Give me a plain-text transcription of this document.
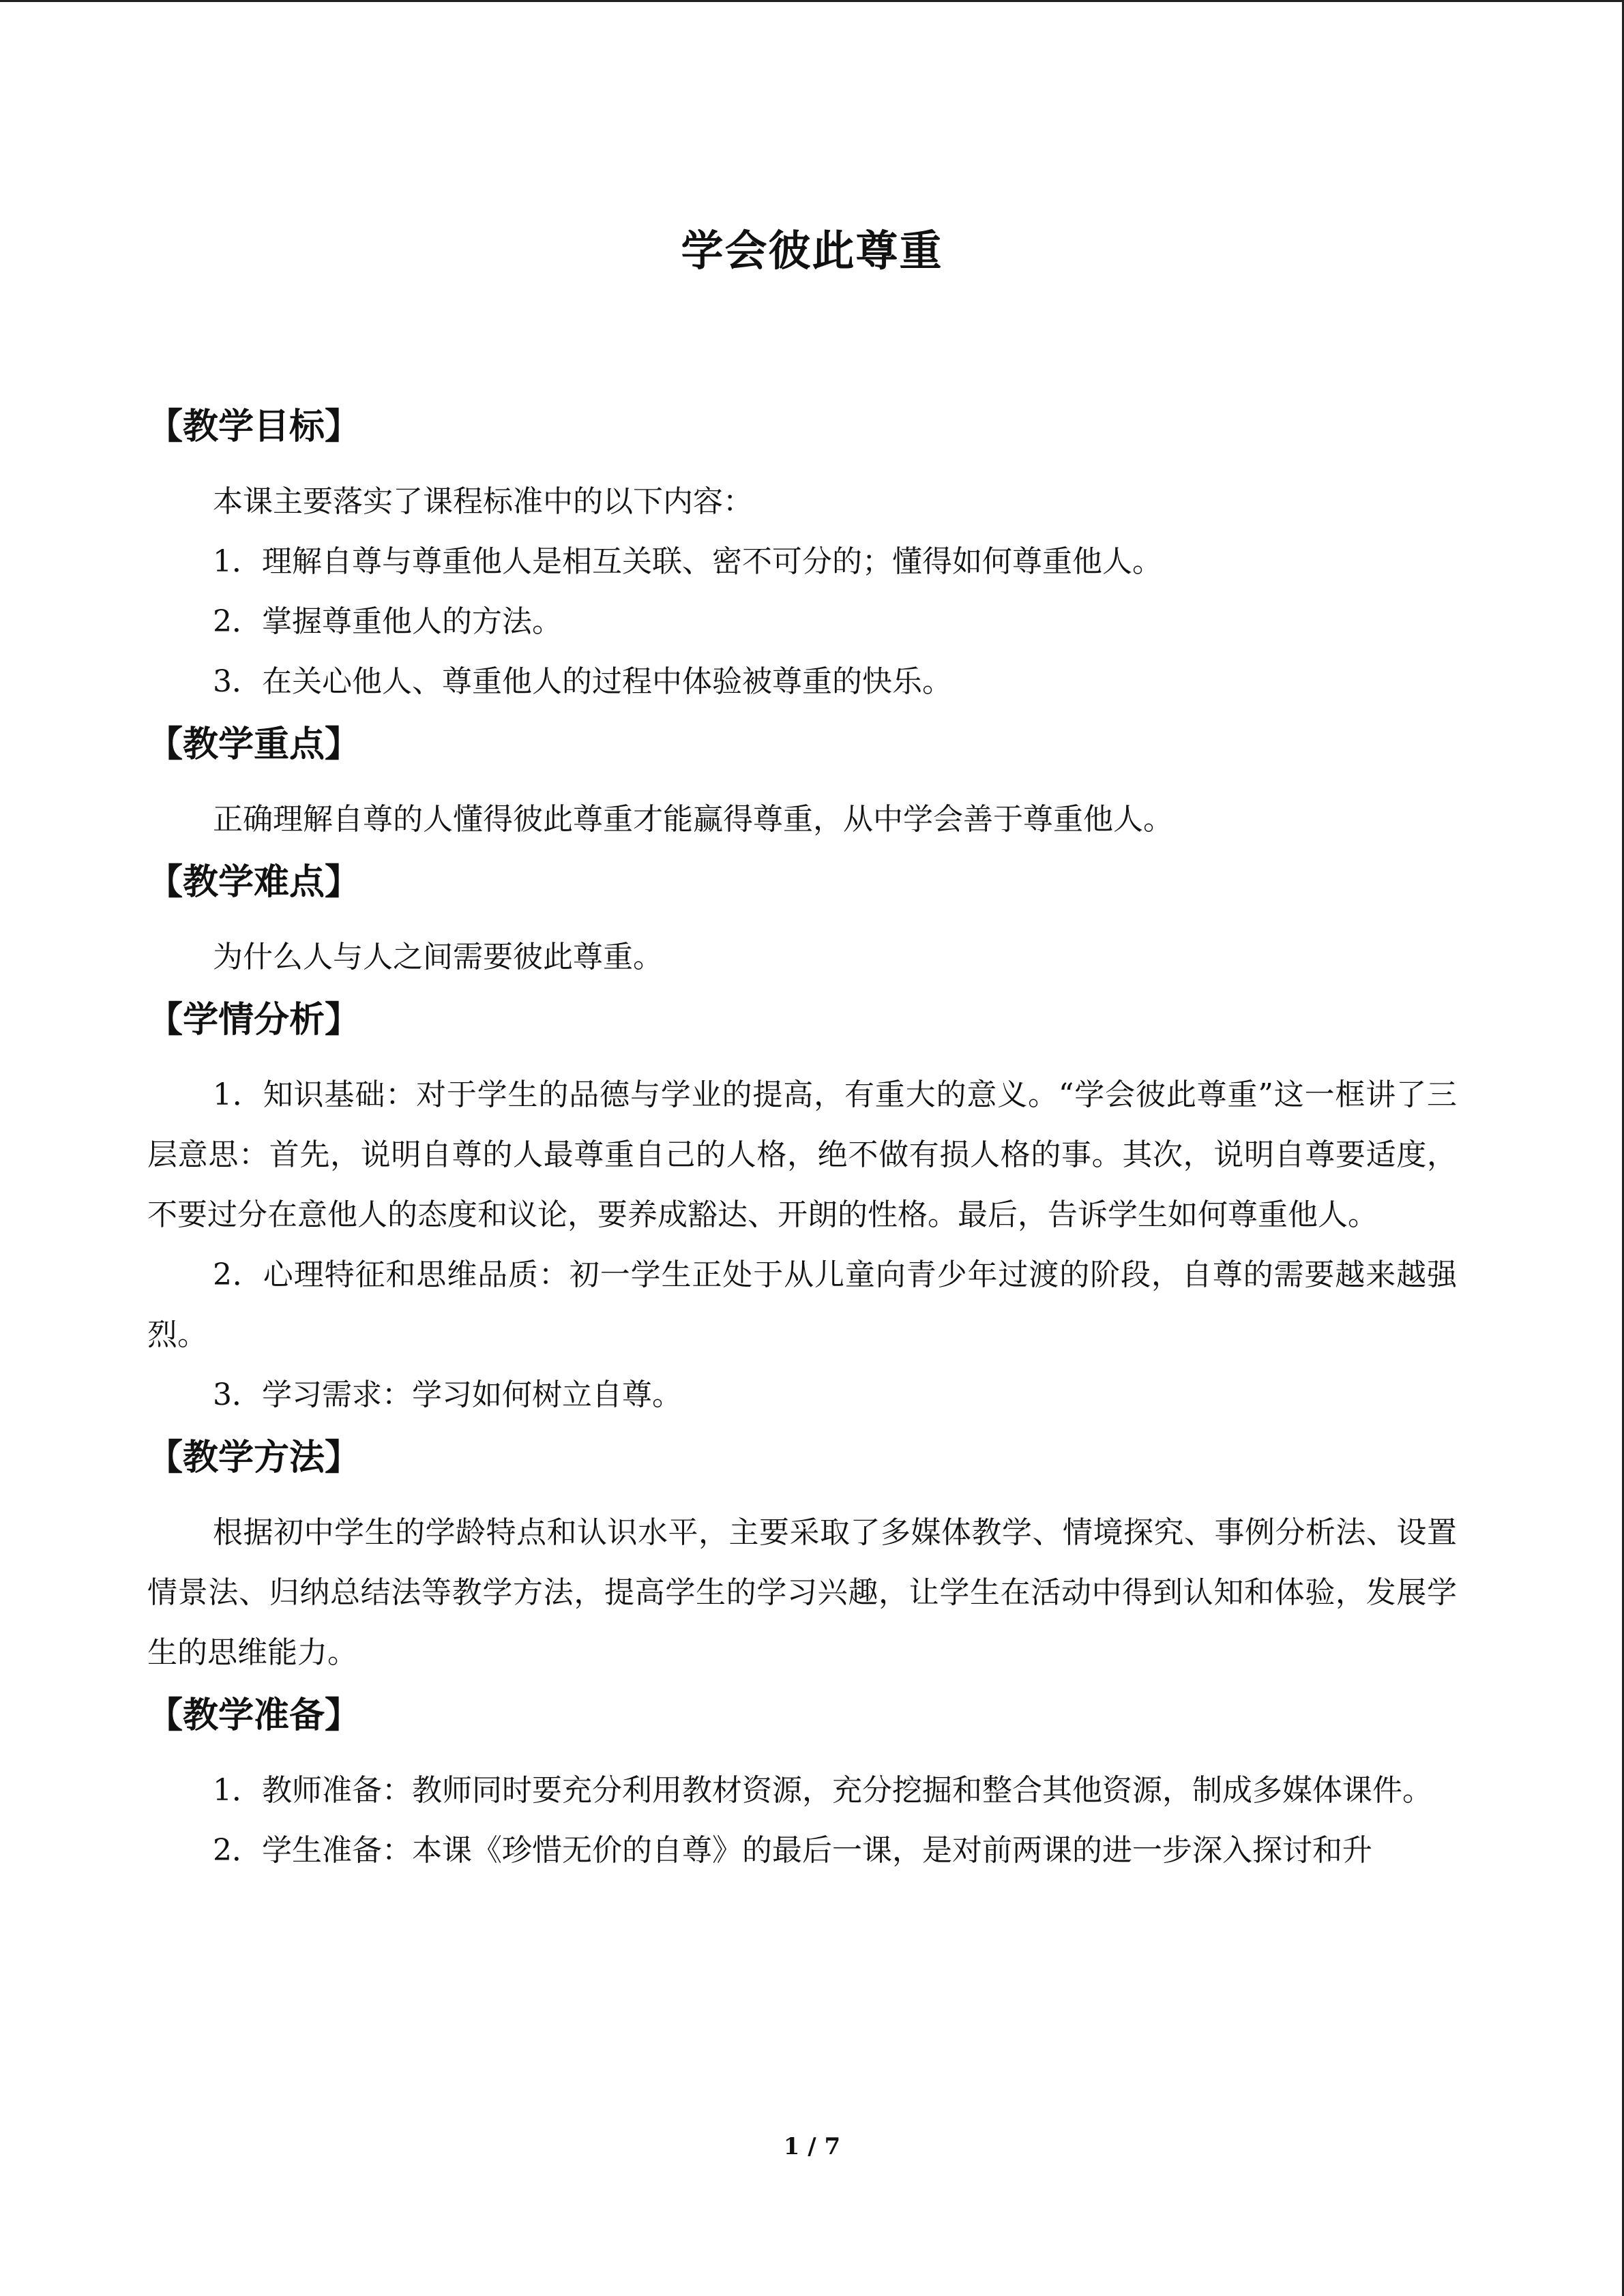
学会彼此尊重
【教学目标】

本课主要落实了课程标准中的以下内容：

1．理解自尊与尊重他人是相互关联、密不可分的；懂得如何尊重他人。

2．掌握尊重他人的方法。

3．在关心他人、尊重他人的过程中体验被尊重的快乐。

【教学重点】

正确理解自尊的人懂得彼此尊重才能赢得尊重，从中学会善于尊重他人。

【教学难点】

为什么人与人之间需要彼此尊重。

【学情分析】

1．知识基础：对于学生的品德与学业的提高，有重大的意义。“学会彼此尊重”这一框讲了三层意思：首先，说明自尊的人最尊重自己的人格，绝不做有损人格的事。其次，说明自尊要适度，不要过分在意他人的态度和议论，要养成豁达、开朗的性格。最后，告诉学生如何尊重他人。

2．心理特征和思维品质：初一学生正处于从儿童向青少年过渡的阶段，自尊的需要越来越强烈。

3．学习需求：学习如何树立自尊。

【教学方法】

根据初中学生的学龄特点和认识水平，主要采取了多媒体教学、情境探究、事例分析法、设置情景法、归纳总结法等教学方法，提高学生的学习兴趣，让学生在活动中得到认知和体验，发展学生的思维能力。

【教学准备】

1．教师准备：教师同时要充分利用教材资源，充分挖掘和整合其他资源，制成多媒体课件。

2．学生准备：本课《珍惜无价的自尊》的最后一课，是对前两课的进一步深入探讨和升

1 / 7
